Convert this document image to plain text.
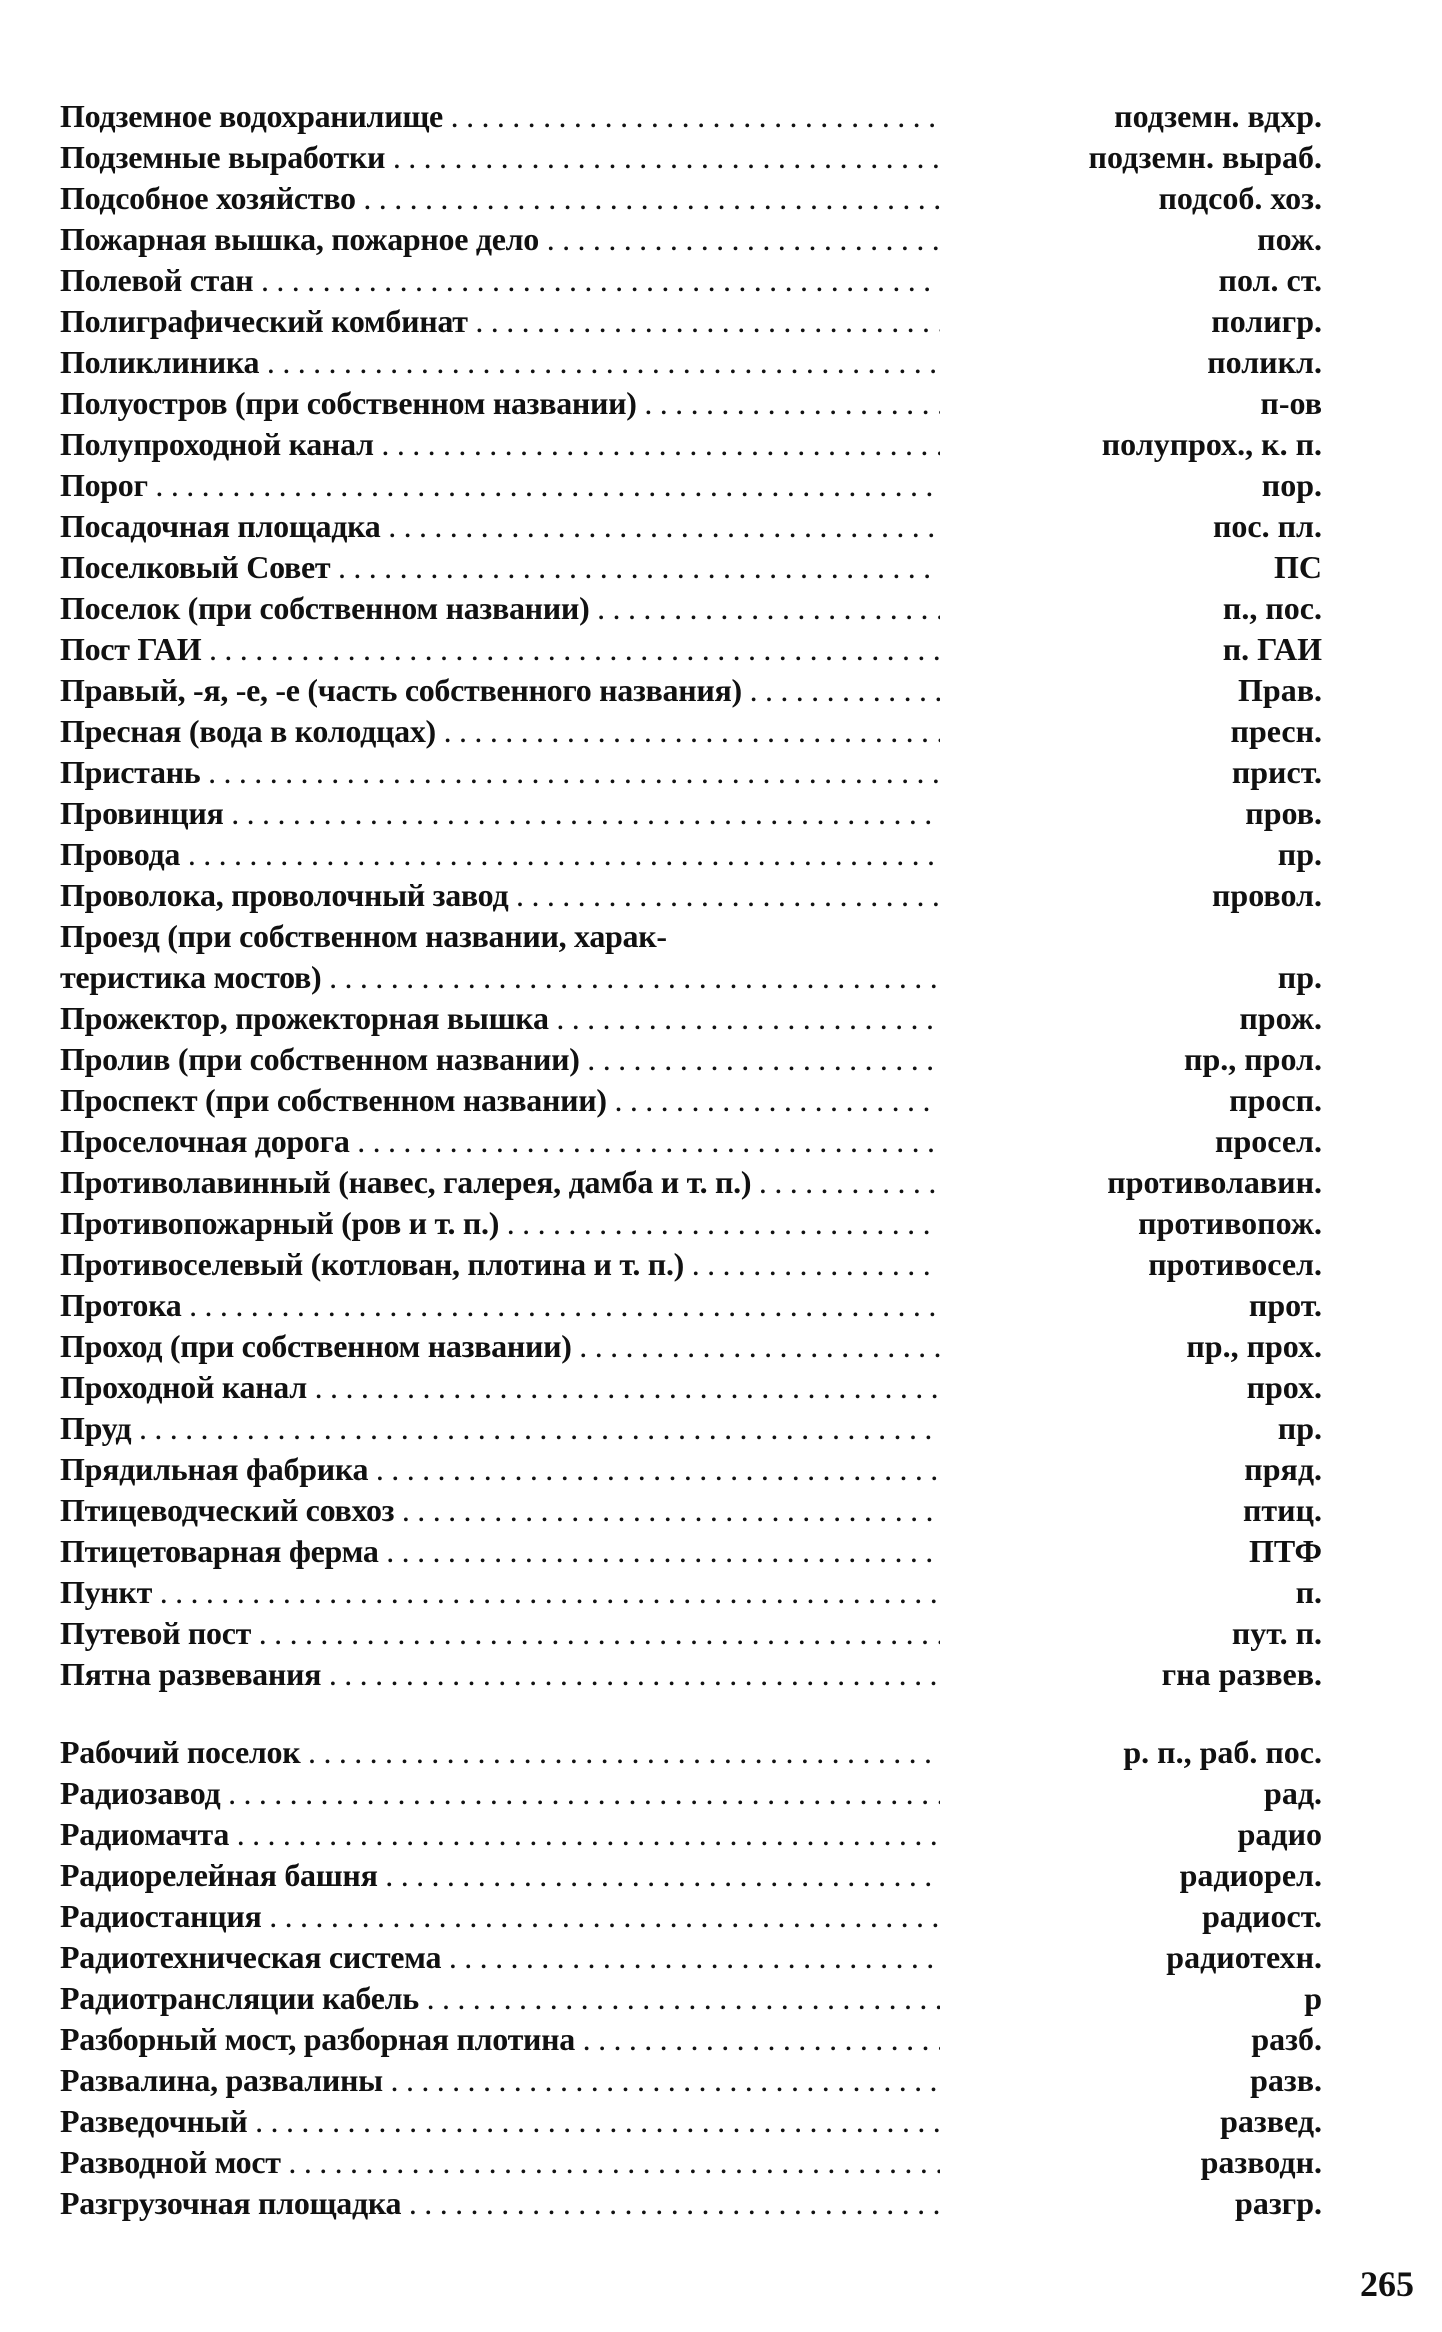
Подземное водохранилище . . .	подземн. вдхр.
Подземные выработки . . .	подземн. выраб.
Подсобное хозяйство . . .	подсоб. хоз.
Пожарная вышка, пожарное дело . . .	пож.
Полевой стан . . .	пол. ст.
Полиграфический комбинат . . .	полигр.
Поликлиника . . .	поликл.
Полуостров (при собственном названии) . . .	п-ов
Полупроходной канал . . .	полупрох., к. п.
Порог . . .	пор.
Посадочная площадка . . .	пос. пл.
Поселковый Совет . . .	ПС
Поселок (при собственном названии) . . .	п., пос.
Пост ГАИ . . .	п. ГАИ
Правый, -я, -е, -е (часть собственного названия) . . .	Прав.
Пресная (вода в колодцах) . . .	пресн.
Пристань . . .	прист.
Провинция . . .	пров.
Провода . . .	пр.
Проволока, проволочный завод . . .	провол.
Проезд (при собственном названии, харак-
теристика мостов) . . .	пр.
Прожектор, прожекторная вышка . . .	прож.
Пролив (при собственном названии) . . .	пр., прол.
Проспект (при собственном названии) . . .	просп.
Проселочная дорога . . .	просел.
Противолавинный (навес, галерея, дамба и т. п.) . . .	противолавин.
Противопожарный (ров и т. п.) . . .	противопож.
Противоселевый (котлован, плотина и т. п.) . . .	противосел.
Протока . . .	прот.
Проход (при собственном названии) . . .	пр., прох.
Проходной канал . . .	прох.
Пруд . . .	пр.
Прядильная фабрика . . .	пряд.
Птицеводческий совхоз . . .	птиц.
Птицетоварная ферма . . .	ПТФ
Пункт . . .	п.
Путевой пост . . .	пут. п.
Пятна развевания . . .	гна развев.
Рабочий поселок . . .	р. п., раб. пос.
Радиозавод . . .	рад.
Радиомачта . . .	радио
Радиорелейная башня . . .	радиорел.
Радиостанция . . .	радиост.
Радиотехническая система . . .	радиотехн.
Радиотрансляции кабель . . .	р
Разборный мост, разборная плотина . . .	разб.
Развалина, развалины . . .	разв.
Разведочный . . .	развед.
Разводной мост . . .	разводн.
Разгрузочная площадка . . .	разгр.
265
